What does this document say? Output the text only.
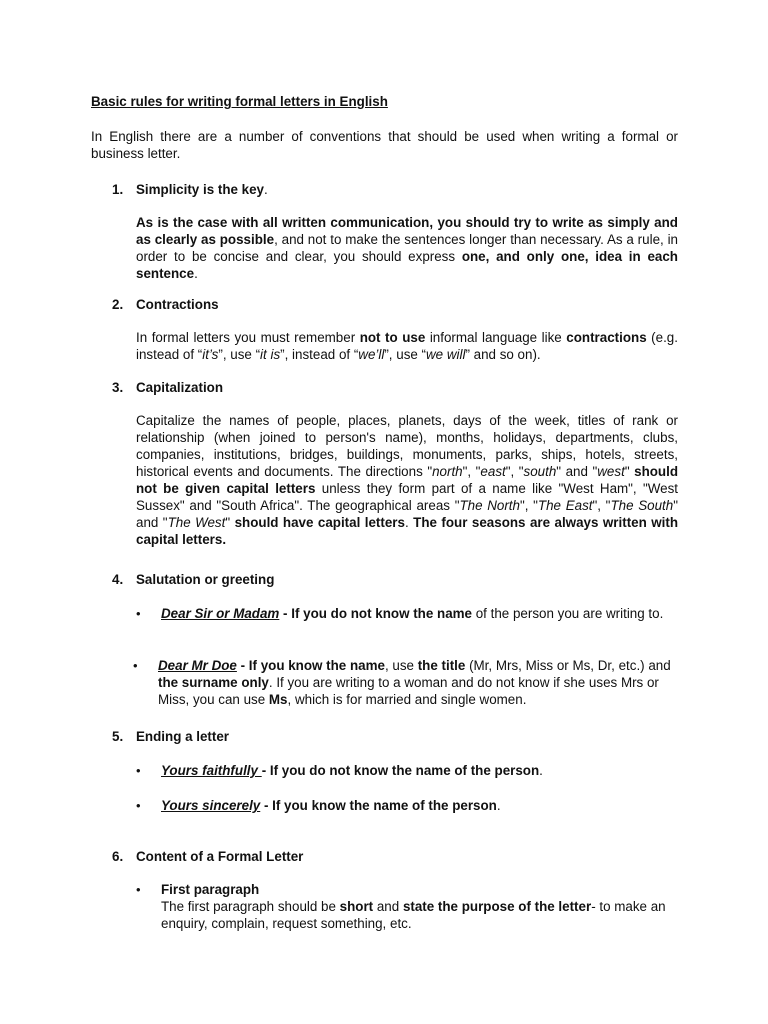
Basic rules for writing formal letters in English
In English there are a number of conventions that should be used when writing a formal or business letter.
1. Simplicity is the key.
As is the case with all written communication, you should try to write as simply and as clearly as possible, and not to make the sentences longer than necessary. As a rule, in order to be concise and clear, you should express one, and only one, idea in each sentence.
2. Contractions
In formal letters you must remember not to use informal language like contractions (e.g. instead of “it’s”, use “it is”, instead of “we’ll”, use “we will” and so on).
3. Capitalization
Capitalize the names of people, places, planets, days of the week, titles of rank or relationship (when joined to person's name), months, holidays, departments, clubs, companies, institutions, bridges, buildings, monuments, parks, ships, hotels, streets, historical events and documents. The directions "north", "east", "south" and "west" should not be given capital letters unless they form part of a name like "West Ham", "West Sussex" and "South Africa". The geographical areas "The North", "The East", "The South" and "The West" should have capital letters. The four seasons are always written with capital letters.
4. Salutation or greeting
• Dear Sir or Madam - If you do not know the name of the person you are writing to.
• Dear Mr Doe - If you know the name, use the title (Mr, Mrs, Miss or Ms, Dr, etc.) and the surname only. If you are writing to a woman and do not know if she uses Mrs or Miss, you can use Ms, which is for married and single women.
5. Ending a letter
• Yours faithfully - If you do not know the name of the person.
• Yours sincerely - If you know the name of the person.
6. Content of a Formal Letter
• First paragraph
The first paragraph should be short and state the purpose of the letter- to make an enquiry, complain, request something, etc.
